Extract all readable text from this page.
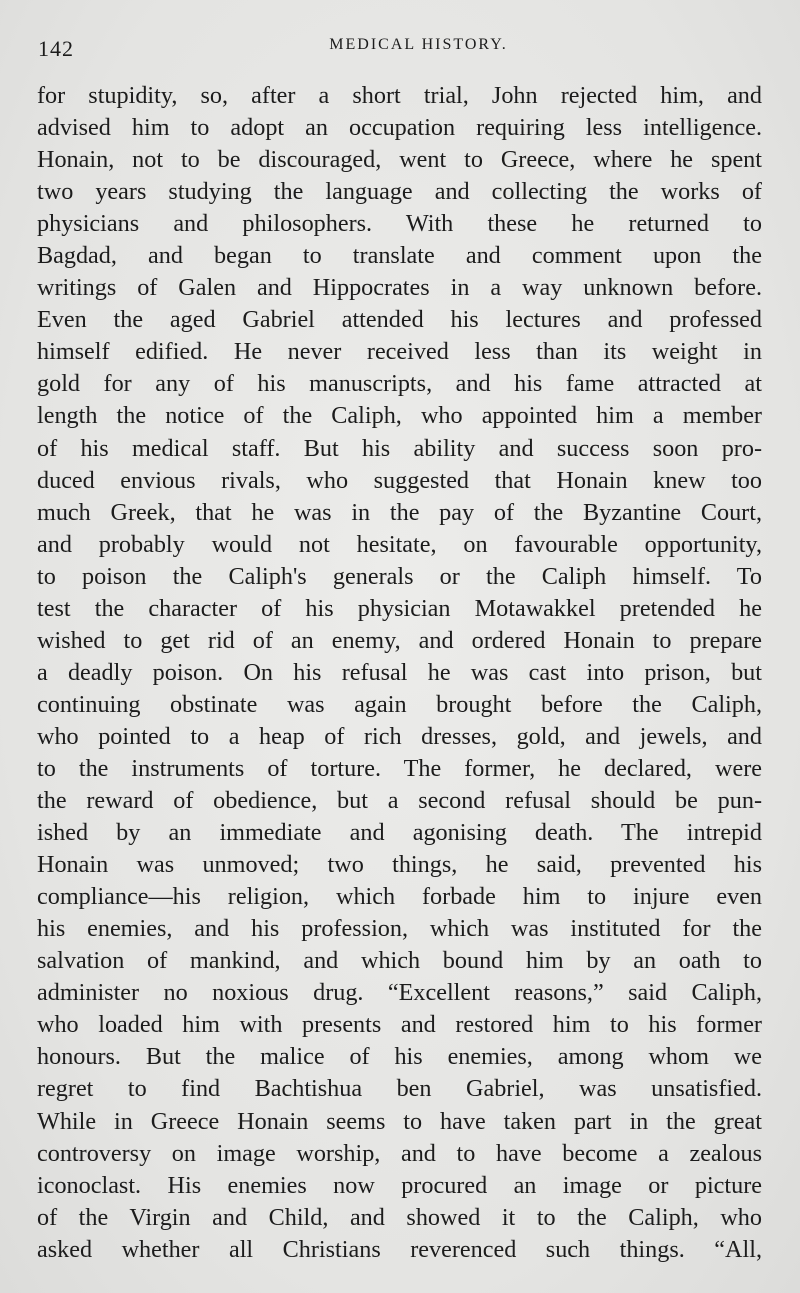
142	MEDICAL HISTORY.
for stupidity, so, after a short trial, John rejected him, and
advised him to adopt an occupation requiring less intelligence.
Honain, not to be discouraged, went to Greece, where he spent
two years studying the language and collecting the works of
physicians and philosophers. With these he returned to
Bagdad, and began to translate and comment upon the
writings of Galen and Hippocrates in a way unknown before.
Even the aged Gabriel attended his lectures and professed
himself edified. He never received less than its weight in
gold for any of his manuscripts, and his fame attracted at
length the notice of the Caliph, who appointed him a member
of his medical staff. But his ability and success soon pro-
duced envious rivals, who suggested that Honain knew too
much Greek, that he was in the pay of the Byzantine Court,
and probably would not hesitate, on favourable opportunity,
to poison the Caliph's generals or the Caliph himself. To
test the character of his physician Motawakkel pretended he
wished to get rid of an enemy, and ordered Honain to prepare
a deadly poison. On his refusal he was cast into prison, but
continuing obstinate was again brought before the Caliph,
who pointed to a heap of rich dresses, gold, and jewels, and
to the instruments of torture. The former, he declared, were
the reward of obedience, but a second refusal should be pun-
ished by an immediate and agonising death. The intrepid
Honain was unmoved; two things, he said, prevented his
compliance—his religion, which forbade him to injure even
his enemies, and his profession, which was instituted for the
salvation of mankind, and which bound him by an oath to
administer no noxious drug. “Excellent reasons,” said Caliph,
who loaded him with presents and restored him to his former
honours. But the malice of his enemies, among whom we
regret to find Bachtishua ben Gabriel, was unsatisfied.
While in Greece Honain seems to have taken part in the great
controversy on image worship, and to have become a zealous
iconoclast. His enemies now procured an image or picture
of the Virgin and Child, and showed it to the Caliph, who
asked whether all Christians reverenced such things. “All,
